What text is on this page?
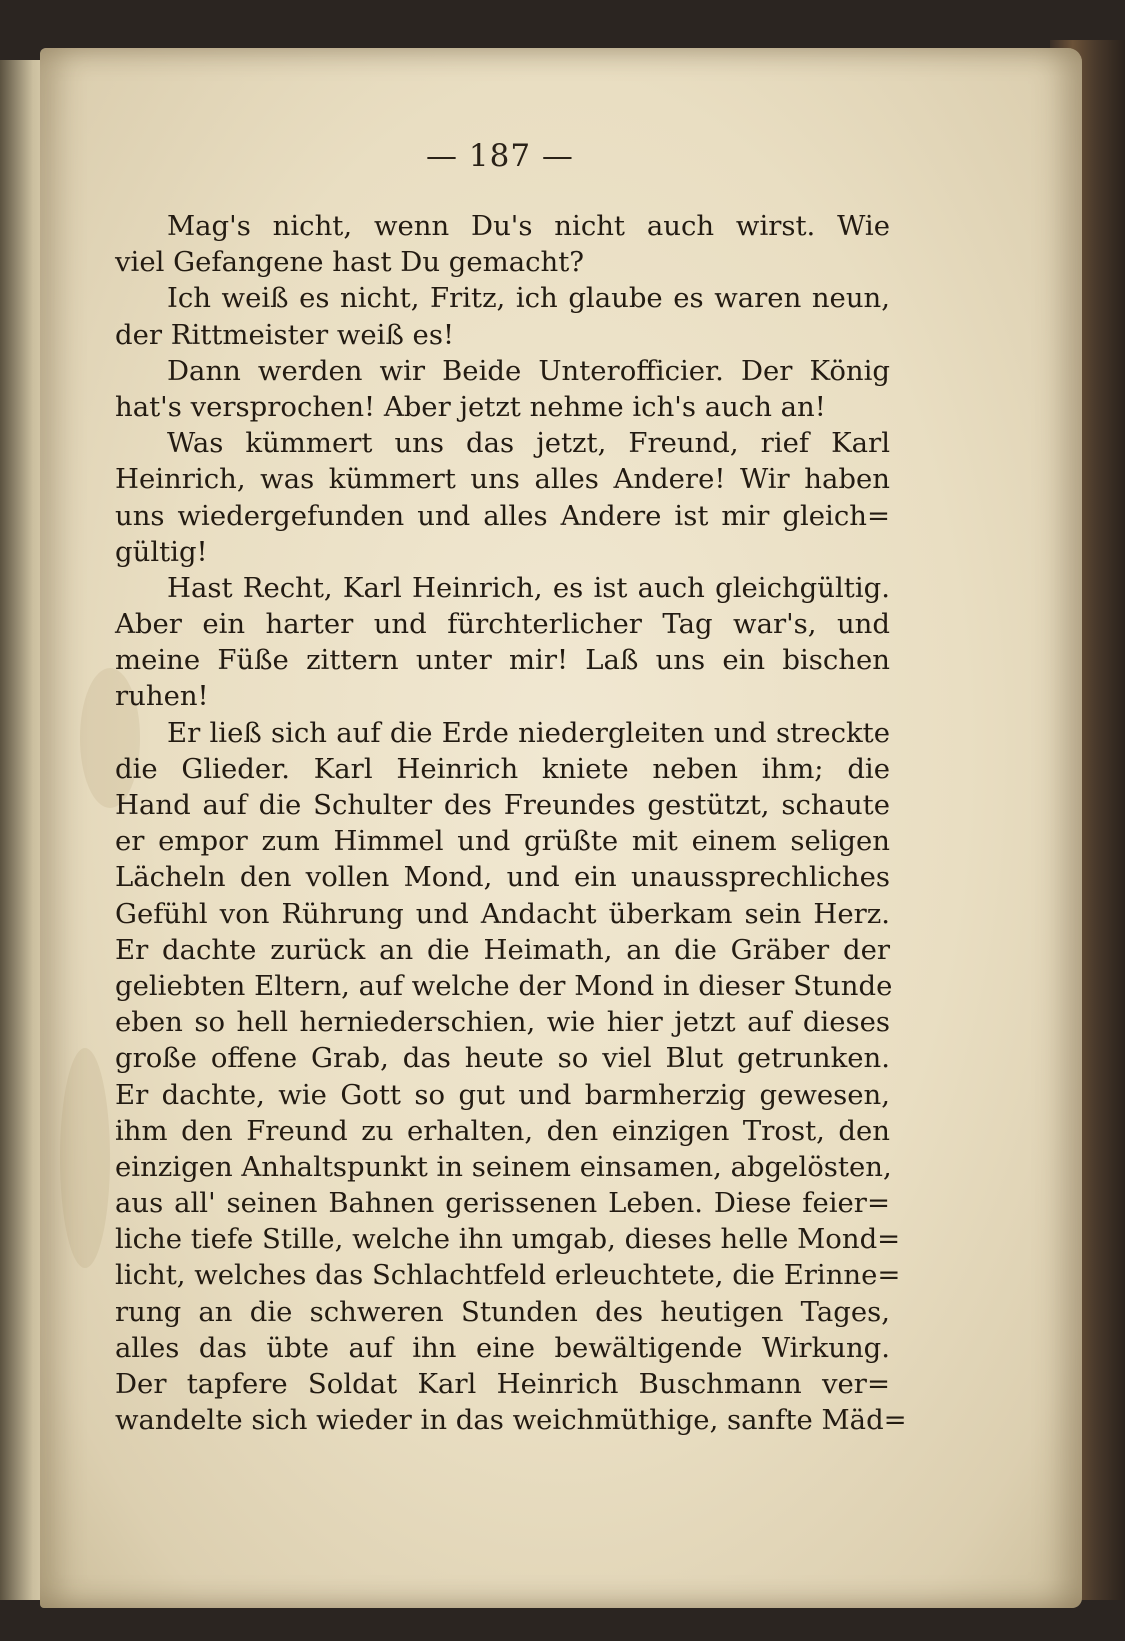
— 187 —
Mag's nicht, wenn Du's nicht auch wirst. Wie
viel Gefangene hast Du gemacht?
Ich weiß es nicht, Fritz, ich glaube es waren neun,
der Rittmeister weiß es!
Dann werden wir Beide Unterofficier. Der König
hat's versprochen! Aber jetzt nehme ich's auch an!
Was kümmert uns das jetzt, Freund, rief Karl
Heinrich, was kümmert uns alles Andere! Wir haben
uns wiedergefunden und alles Andere ist mir gleich=
gültig!
Hast Recht, Karl Heinrich, es ist auch gleichgültig.
Aber ein harter und fürchterlicher Tag war's, und
meine Füße zittern unter mir! Laß uns ein bischen
ruhen!
Er ließ sich auf die Erde niedergleiten und streckte
die Glieder. Karl Heinrich kniete neben ihm; die
Hand auf die Schulter des Freundes gestützt, schaute
er empor zum Himmel und grüßte mit einem seligen
Lächeln den vollen Mond, und ein unaussprechliches
Gefühl von Rührung und Andacht überkam sein Herz.
Er dachte zurück an die Heimath, an die Gräber der
geliebten Eltern, auf welche der Mond in dieser Stunde
eben so hell herniederschien, wie hier jetzt auf dieses
große offene Grab, das heute so viel Blut getrunken.
Er dachte, wie Gott so gut und barmherzig gewesen,
ihm den Freund zu erhalten, den einzigen Trost, den
einzigen Anhaltspunkt in seinem einsamen, abgelösten,
aus all' seinen Bahnen gerissenen Leben. Diese feier=
liche tiefe Stille, welche ihn umgab, dieses helle Mond=
licht, welches das Schlachtfeld erleuchtete, die Erinne=
rung an die schweren Stunden des heutigen Tages,
alles das übte auf ihn eine bewältigende Wirkung.
Der tapfere Soldat Karl Heinrich Buschmann ver=
wandelte sich wieder in das weichmüthige, sanfte Mäd=
